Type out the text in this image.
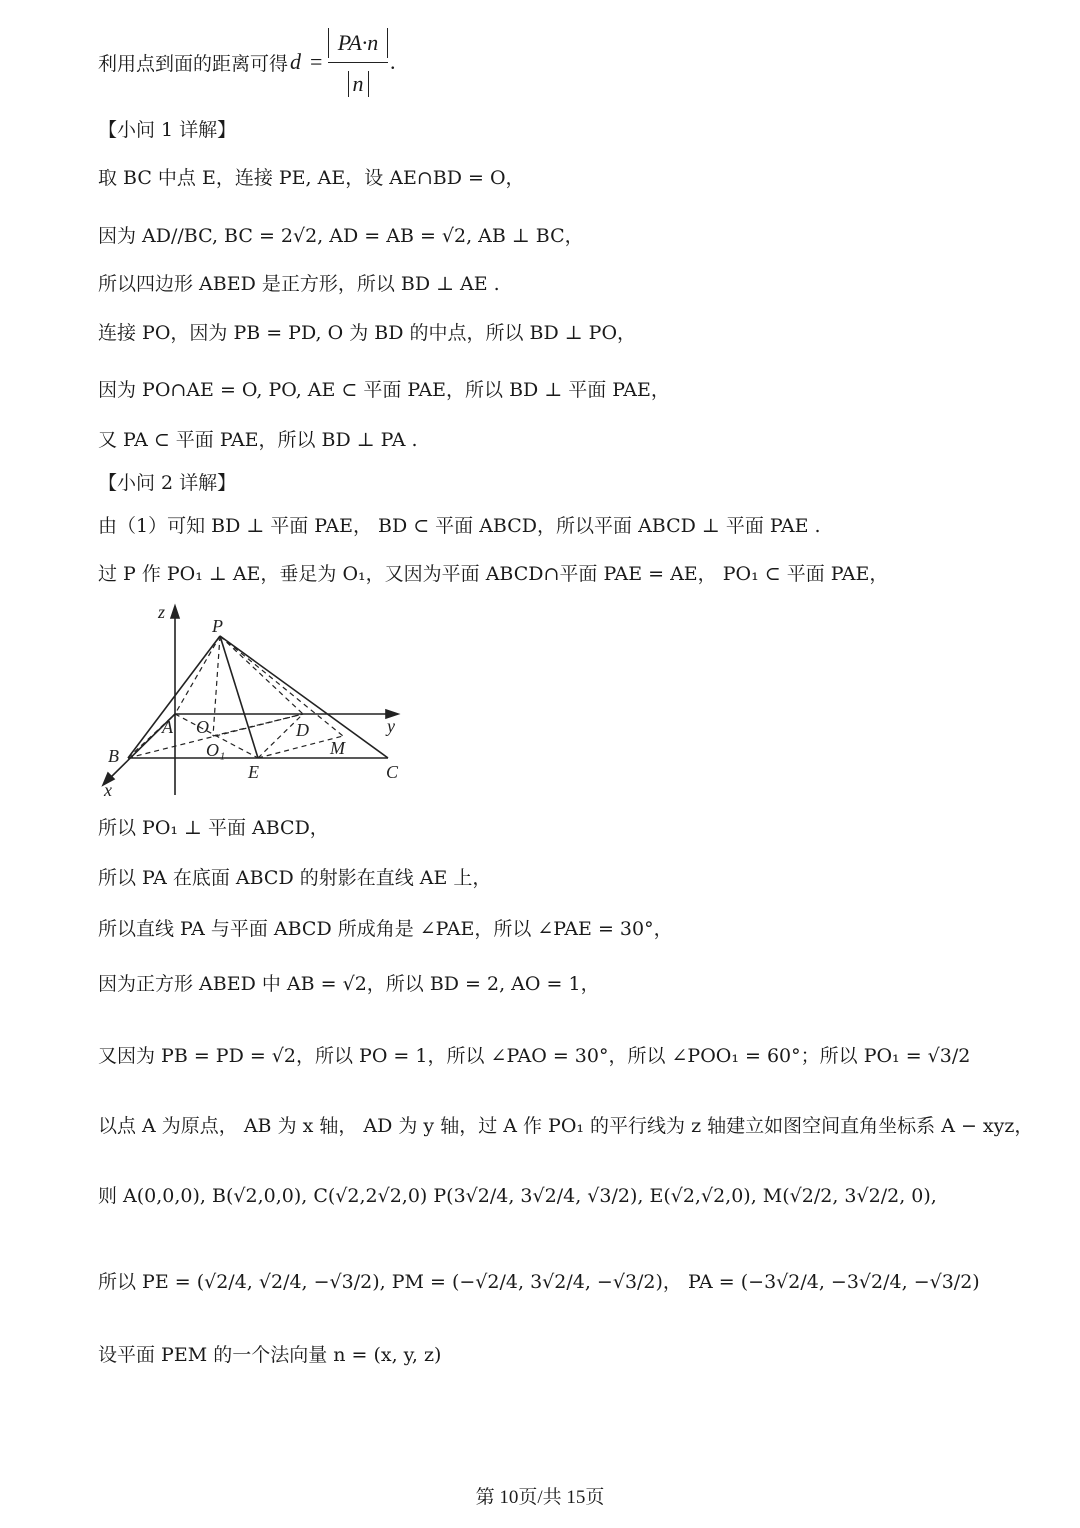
利用点到面的距离可得 d =
PA·n
n
.
【小问 1 详解】
取 BC 中点 E，连接 PE, AE，设 AE∩BD = O，
因为 AD//BC, BC = 2√2, AD = AB = √2, AB ⊥ BC，
所以四边形 ABED 是正方形，所以 BD ⊥ AE .
连接 PO，因为 PB = PD, O 为 BD 的中点，所以 BD ⊥ PO，
因为 PO∩AE = O, PO, AE ⊂ 平面 PAE，所以 BD ⊥ 平面 PAE，
又 PA ⊂ 平面 PAE，所以 BD ⊥ PA .
【小问 2 详解】
由（1）可知 BD ⊥ 平面 PAE， BD ⊂ 平面 ABCD，所以平面 ABCD ⊥ 平面 PAE .
过 P 作 PO₁ ⊥ AE，垂足为 O₁，又因为平面 ABCD∩平面 PAE = AE， PO₁ ⊂ 平面 PAE，
z
P
y
A O	D
B	O₁	M
E	C
x
所以 PO₁ ⊥ 平面 ABCD，
所以 PA 在底面 ABCD 的射影在直线 AE 上，
所以直线 PA 与平面 ABCD 所成角是 ∠PAE，所以 ∠PAE = 30°，
因为正方形 ABED 中 AB = √2，所以 BD = 2, AO = 1，
又因为 PB = PD = √2，所以 PO = 1，所以 ∠PAO = 30°，所以 ∠POO₁ = 60°；所以 PO₁ = √3/2
以点 A 为原点， AB 为 x 轴， AD 为 y 轴，过 A 作 PO₁ 的平行线为 z 轴建立如图空间直角坐标系 A − xyz，
则 A(0,0,0), B(√2,0,0), C(√2,2√2,0) P(3√2/4, 3√2/4, √3/2), E(√2,√2,0), M(√2/2, 3√2/2, 0),
所以 PE = (√2/4, √2/4, −√3/2), PM = (−√2/4, 3√2/4, −√3/2)， PA = (−3√2/4, −3√2/4, −√3/2)
设平面 PEM 的一个法向量 n = (x, y, z)
第 10页/共 15页
